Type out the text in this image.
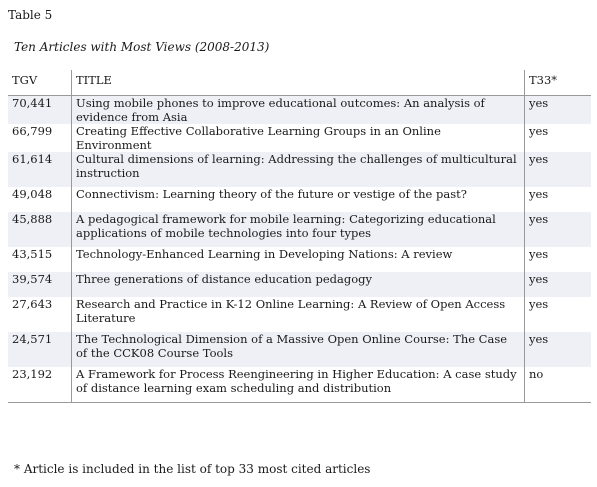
Table 5
Ten Articles with Most Views (2008-2013)
TGV	TITLE	T33*
70,441	Using mobile phones to improve educational outcomes: An analysis of evidence from Asia	yes
66,799	Creating Effective Collaborative Learning Groups in an Online Environment	yes
61,614	Cultural dimensions of learning: Addressing the challenges of multicultural instruction	yes
49,048	Connectivism: Learning theory of the future or vestige of the past?	yes
45,888	A pedagogical framework for mobile learning: Categorizing educational applications of mobile technologies into four types	yes
43,515	Technology-Enhanced Learning in Developing Nations: A review	yes
39,574	Three generations of distance education pedagogy	yes
27,643	Research and Practice in K-12 Online Learning: A Review of Open Access Literature	yes
24,571	The Technological Dimension of a Massive Open Online Course: The Case of the CCK08 Course Tools	yes
23,192	A Framework for Process Reengineering in Higher Education: A case study of distance learning exam scheduling and distribution	no
* Article is included in the list of top 33 most cited articles
